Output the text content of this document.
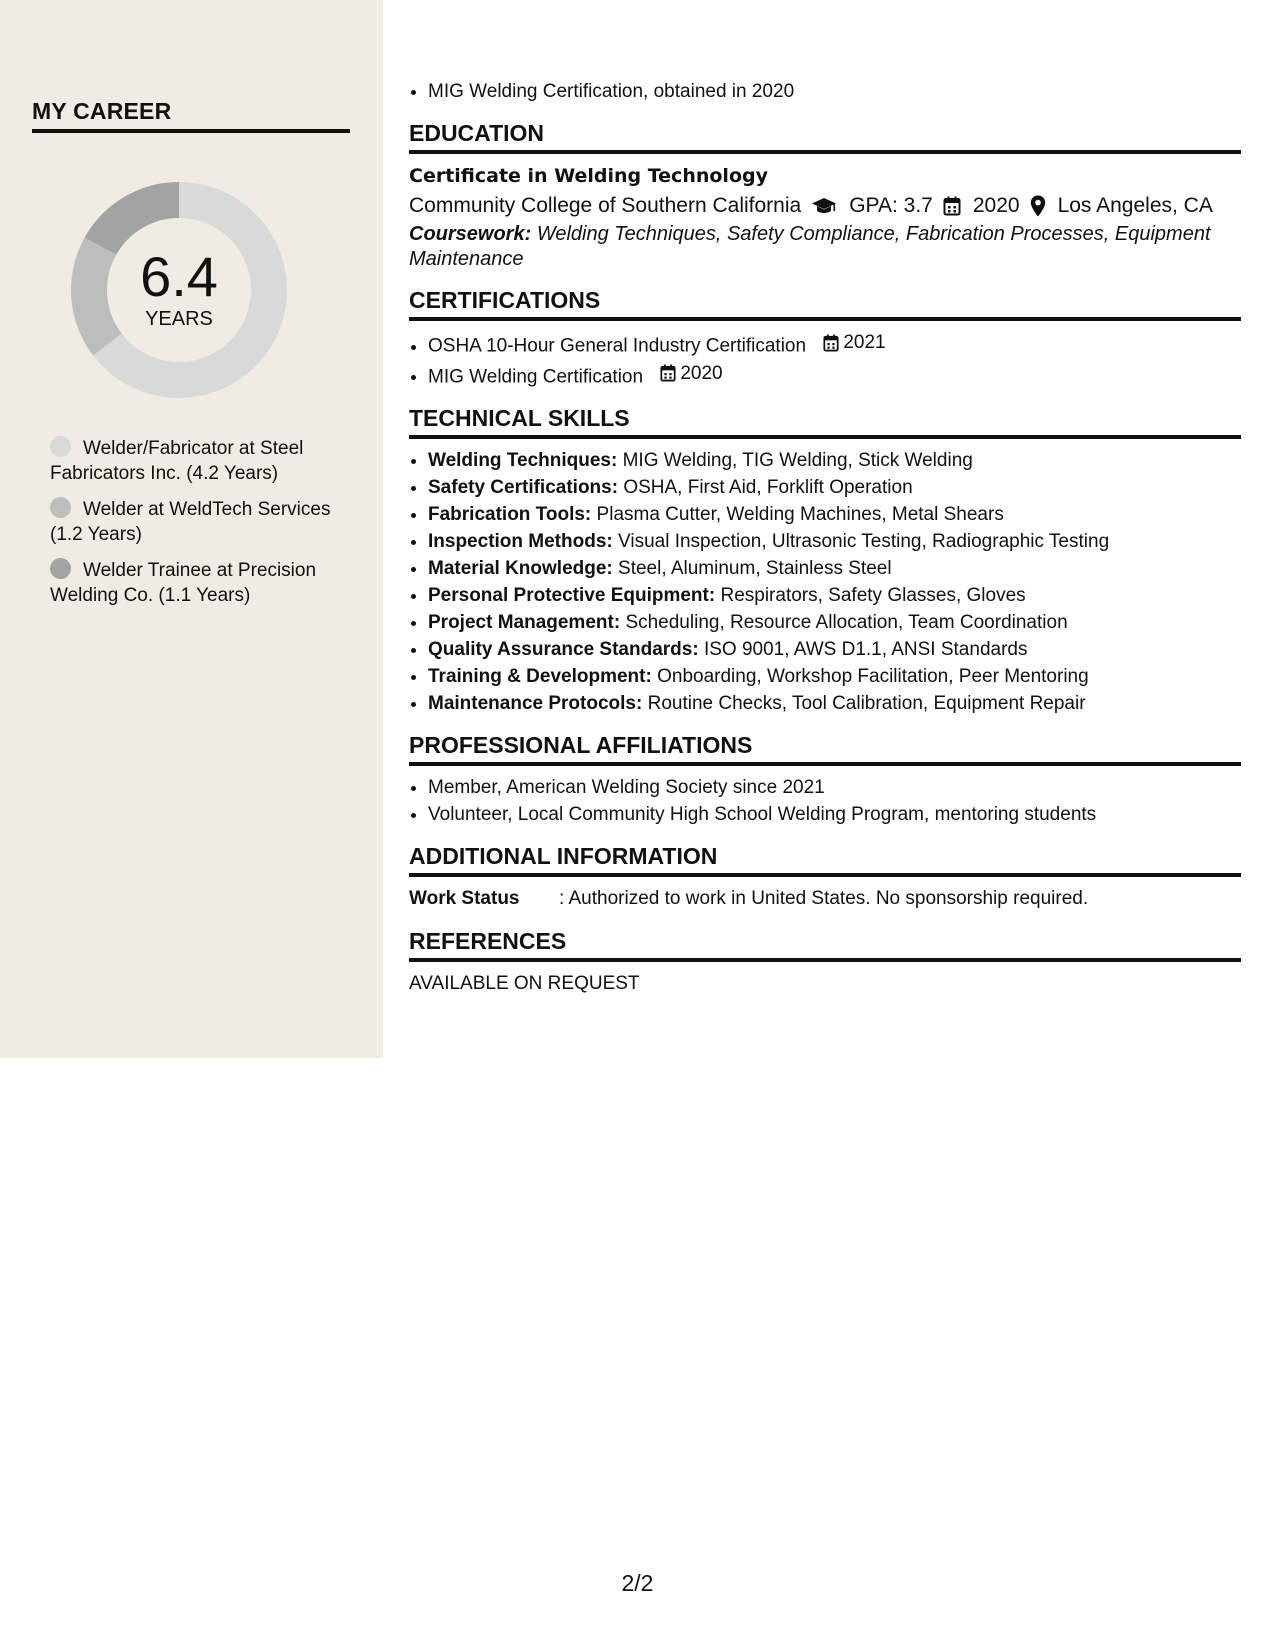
MY CAREER
6.4
YEARS
Welder/Fabricator at Steel Fabricators Inc. (4.2 Years)
Welder at WeldTech Services (1.2 Years)
Welder Trainee at Precision Welding Co. (1.1 Years)
• MIG Welding Certification, obtained in 2020
EDUCATION
Certificate in Welding Technology
Community College of Southern California GPA: 3.7 2020 Los Angeles, CA
Coursework: Welding Techniques, Safety Compliance, Fabrication Processes, Equipment Maintenance
CERTIFICATIONS
• OSHA 10-Hour General Industry Certification 2021
• MIG Welding Certification 2020
TECHNICAL SKILLS
• Welding Techniques: MIG Welding, TIG Welding, Stick Welding
• Safety Certifications: OSHA, First Aid, Forklift Operation
• Fabrication Tools: Plasma Cutter, Welding Machines, Metal Shears
• Inspection Methods: Visual Inspection, Ultrasonic Testing, Radiographic Testing
• Material Knowledge: Steel, Aluminum, Stainless Steel
• Personal Protective Equipment: Respirators, Safety Glasses, Gloves
• Project Management: Scheduling, Resource Allocation, Team Coordination
• Quality Assurance Standards: ISO 9001, AWS D1.1, ANSI Standards
• Training & Development: Onboarding, Workshop Facilitation, Peer Mentoring
• Maintenance Protocols: Routine Checks, Tool Calibration, Equipment Repair
PROFESSIONAL AFFILIATIONS
• Member, American Welding Society since 2021
• Volunteer, Local Community High School Welding Program, mentoring students
ADDITIONAL INFORMATION
Work Status	: Authorized to work in United States. No sponsorship required.
REFERENCES
AVAILABLE ON REQUEST
2/2
